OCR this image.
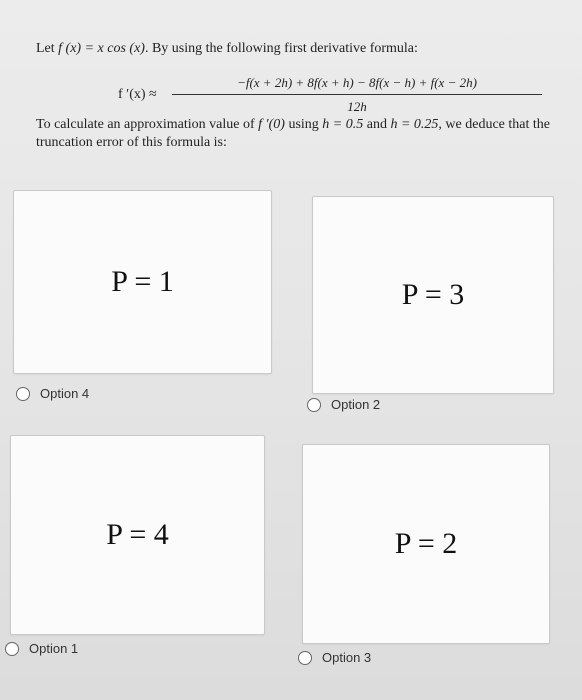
Let f (x) = x cos (x). By using the following first derivative formula:
f $'(x) \approx \frac{-f(x + 2h) + 8f(x + h) - 8f(x - h) + f(x - 2h)}{12h}$
To calculate an approximation value of f ′(0) using h = 0.5 and h = 0.25, we deduce that the truncation error of this formula is:
P = 1
Option 4
P = 3
Option 2
P = 4
Option 1
P = 2
Option 3
